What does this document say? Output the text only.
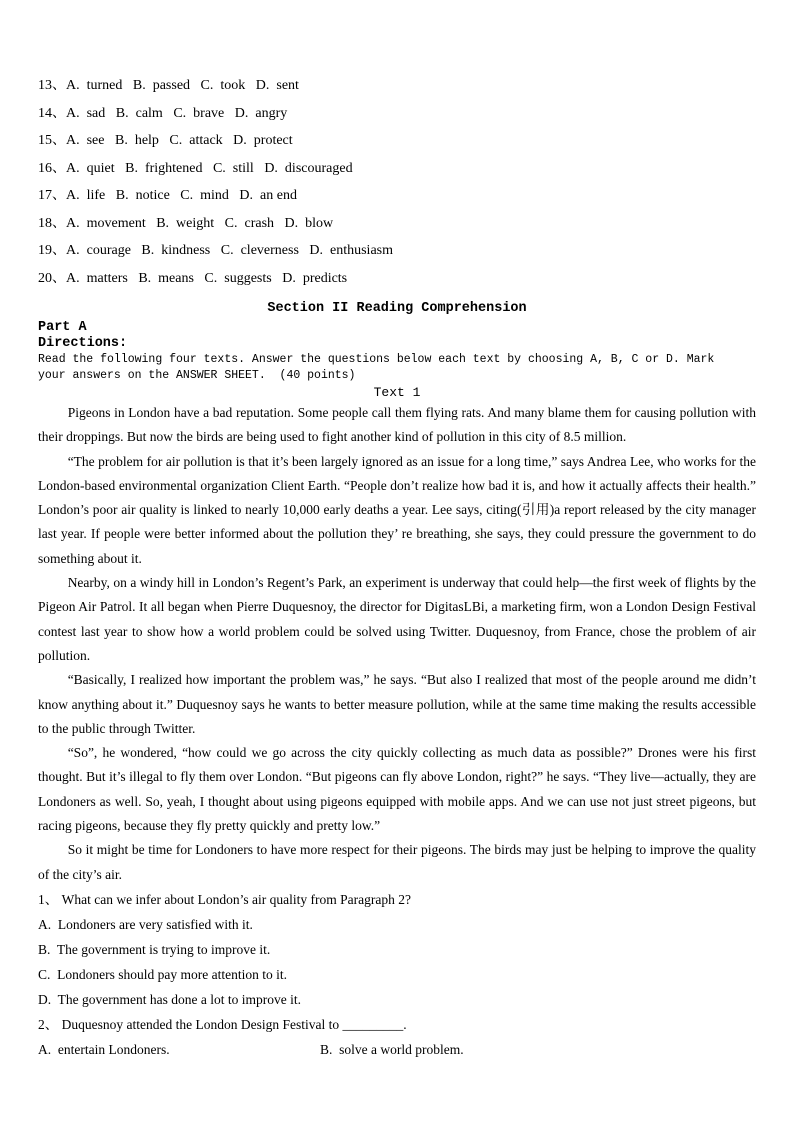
13、A.  turned   B.  passed   C.  took   D.  sent
14、A.  sad   B.  calm   C.  brave   D.  angry
15、A.  see   B.  help   C.  attack   D.  protect
16、A.  quiet   B.  frightened   C.  still   D.  discouraged
17、A.  life   B.  notice   C.  mind   D.  an end
18、A.  movement   B.  weight   C.  crash   D.  blow
19、A.  courage   B.  kindness   C.  cleverness   D.  enthusiasm
20、A.  matters   B.  means   C.  suggests   D.  predicts
Section II Reading Comprehension
Part A
Directions:
Read the following four texts. Answer the questions below each text by choosing A, B, C or D. Mark your answers on the ANSWER SHEET.  (40 points)
Text 1

Pigeons in London have a bad reputation. Some people call them flying rats. And many blame them for causing pollution with their droppings. But now the birds are being used to fight another kind of pollution in this city of 8.5 million.

“The problem for air pollution is that it’s been largely ignored as an issue for a long time,” says Andrea Lee, who works for the London-based environmental organization Client Earth. “People don’t realize how bad it is, and how it actually affects their health.” London’s poor air quality is linked to nearly 10,000 early deaths a year. Lee says, citing(引用)a report released by the city manager last year. If people were better informed about the pollution they’ re breathing, she says, they could pressure the government to do something about it.

Nearby, on a windy hill in London’s Regent’s Park, an experiment is underway that could help—the first week of flights by the Pigeon Air Patrol. It all began when Pierre Duquesnoy, the director for DigitasLBi, a marketing firm, won a London Design Festival contest last year to show how a world problem could be solved using Twitter. Duquesnoy, from France, chose the problem of air pollution.

“Basically, I realized how important the problem was,” he says. “But also I realized that most of the people around me didn’t know anything about it.” Duquesnoy says he wants to better measure pollution, while at the same time making the results accessible to the public through Twitter.

“So”, he wondered, “how could we go across the city quickly collecting as much data as possible?” Drones were his first thought. But it’s illegal to fly them over London. “But pigeons can fly above London, right?” he says. “They live—actually, they are Londoners as well. So, yeah, I thought about using pigeons equipped with mobile apps. And we can use not just street pigeons, but racing pigeons, because they fly pretty quickly and pretty low.”

So it might be time for Londoners to have more respect for their pigeons. The birds may just be helping to improve the quality of the city’s air.

1、 What can we infer about London’s air quality from Paragraph 2?
A.  Londoners are very satisfied with it.
B.  The government is trying to improve it.
C.  Londoners should pay more attention to it.
D.  The government has done a lot to improve it.
2、 Duquesnoy attended the London Design Festival to _________.
A.  entertain Londoners.	B.  solve a world problem.
